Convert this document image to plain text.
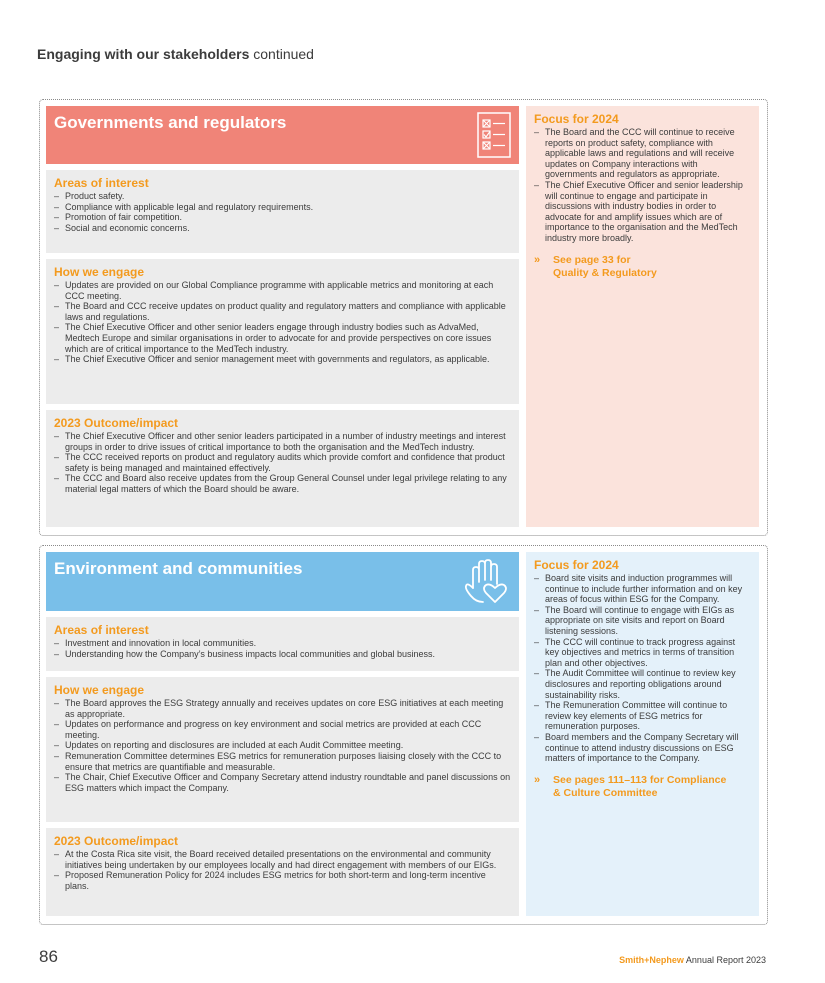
Engaging with our stakeholders continued
Governments and regulators
Areas of interest
– Product safety.
– Compliance with applicable legal and regulatory requirements.
– Promotion of fair competition.
– Social and economic concerns.
How we engage
– Updates are provided on our Global Compliance programme with applicable metrics and monitoring at each CCC meeting.
– The Board and CCC receive updates on product quality and regulatory matters and compliance with applicable laws and regulations.
– The Chief Executive Officer and other senior leaders engage through industry bodies such as AdvaMed, Medtech Europe and similar organisations in order to advocate for and provide perspectives on core issues which are of critical importance to the MedTech industry.
– The Chief Executive Officer and senior management meet with governments and regulators, as applicable.
2023 Outcome/impact
– The Chief Executive Officer and other senior leaders participated in a number of industry meetings and interest groups in order to drive issues of critical importance to both the organisation and the MedTech industry.
– The CCC received reports on product and regulatory audits which provide comfort and confidence that product safety is being managed and maintained effectively.
– The CCC and Board also receive updates from the Group General Counsel under legal privilege relating to any material legal matters of which the Board should be aware.
Focus for 2024
– The Board and the CCC will continue to receive reports on product safety, compliance with applicable laws and regulations and will receive updates on Company interactions with governments and regulators as appropriate.
– The Chief Executive Officer and senior leadership will continue to engage and participate in discussions with industry bodies in order to advocate for and amplify issues which are of importance to the organisation and the MedTech industry more broadly.
» See page 33 for
Quality & Regulatory
Environment and communities
Areas of interest
– Investment and innovation in local communities.
– Understanding how the Company’s business impacts local communities and global business.
How we engage
– The Board approves the ESG Strategy annually and receives updates on core ESG initiatives at each meeting as appropriate.
– Updates on performance and progress on key environment and social metrics are provided at each CCC meeting.
– Updates on reporting and disclosures are included at each Audit Committee meeting.
– Remuneration Committee determines ESG metrics for remuneration purposes liaising closely with the CCC to ensure that metrics are quantifiable and measurable.
– The Chair, Chief Executive Officer and Company Secretary attend industry roundtable and panel discussions on ESG matters which impact the Company.
2023 Outcome/impact
– At the Costa Rica site visit, the Board received detailed presentations on the environmental and community initiatives being undertaken by our employees locally and had direct engagement with members of our EIGs.
– Proposed Remuneration Policy for 2024 includes ESG metrics for both short-term and long-term incentive plans.
Focus for 2024
– Board site visits and induction programmes will continue to include further information and on key areas of focus within ESG for the Company.
– The Board will continue to engage with EIGs as appropriate on site visits and report on Board listening sessions.
– The CCC will continue to track progress against key objectives and metrics in terms of transition plan and other objectives.
– The Audit Committee will continue to review key disclosures and reporting obligations around sustainability risks.
– The Remuneration Committee will continue to review key elements of ESG metrics for remuneration purposes.
– Board members and the Company Secretary will continue to attend industry discussions on ESG matters of importance to the Company.
» See pages 111–113 for Compliance
& Culture Committee
86	Smith+Nephew Annual Report 2023
